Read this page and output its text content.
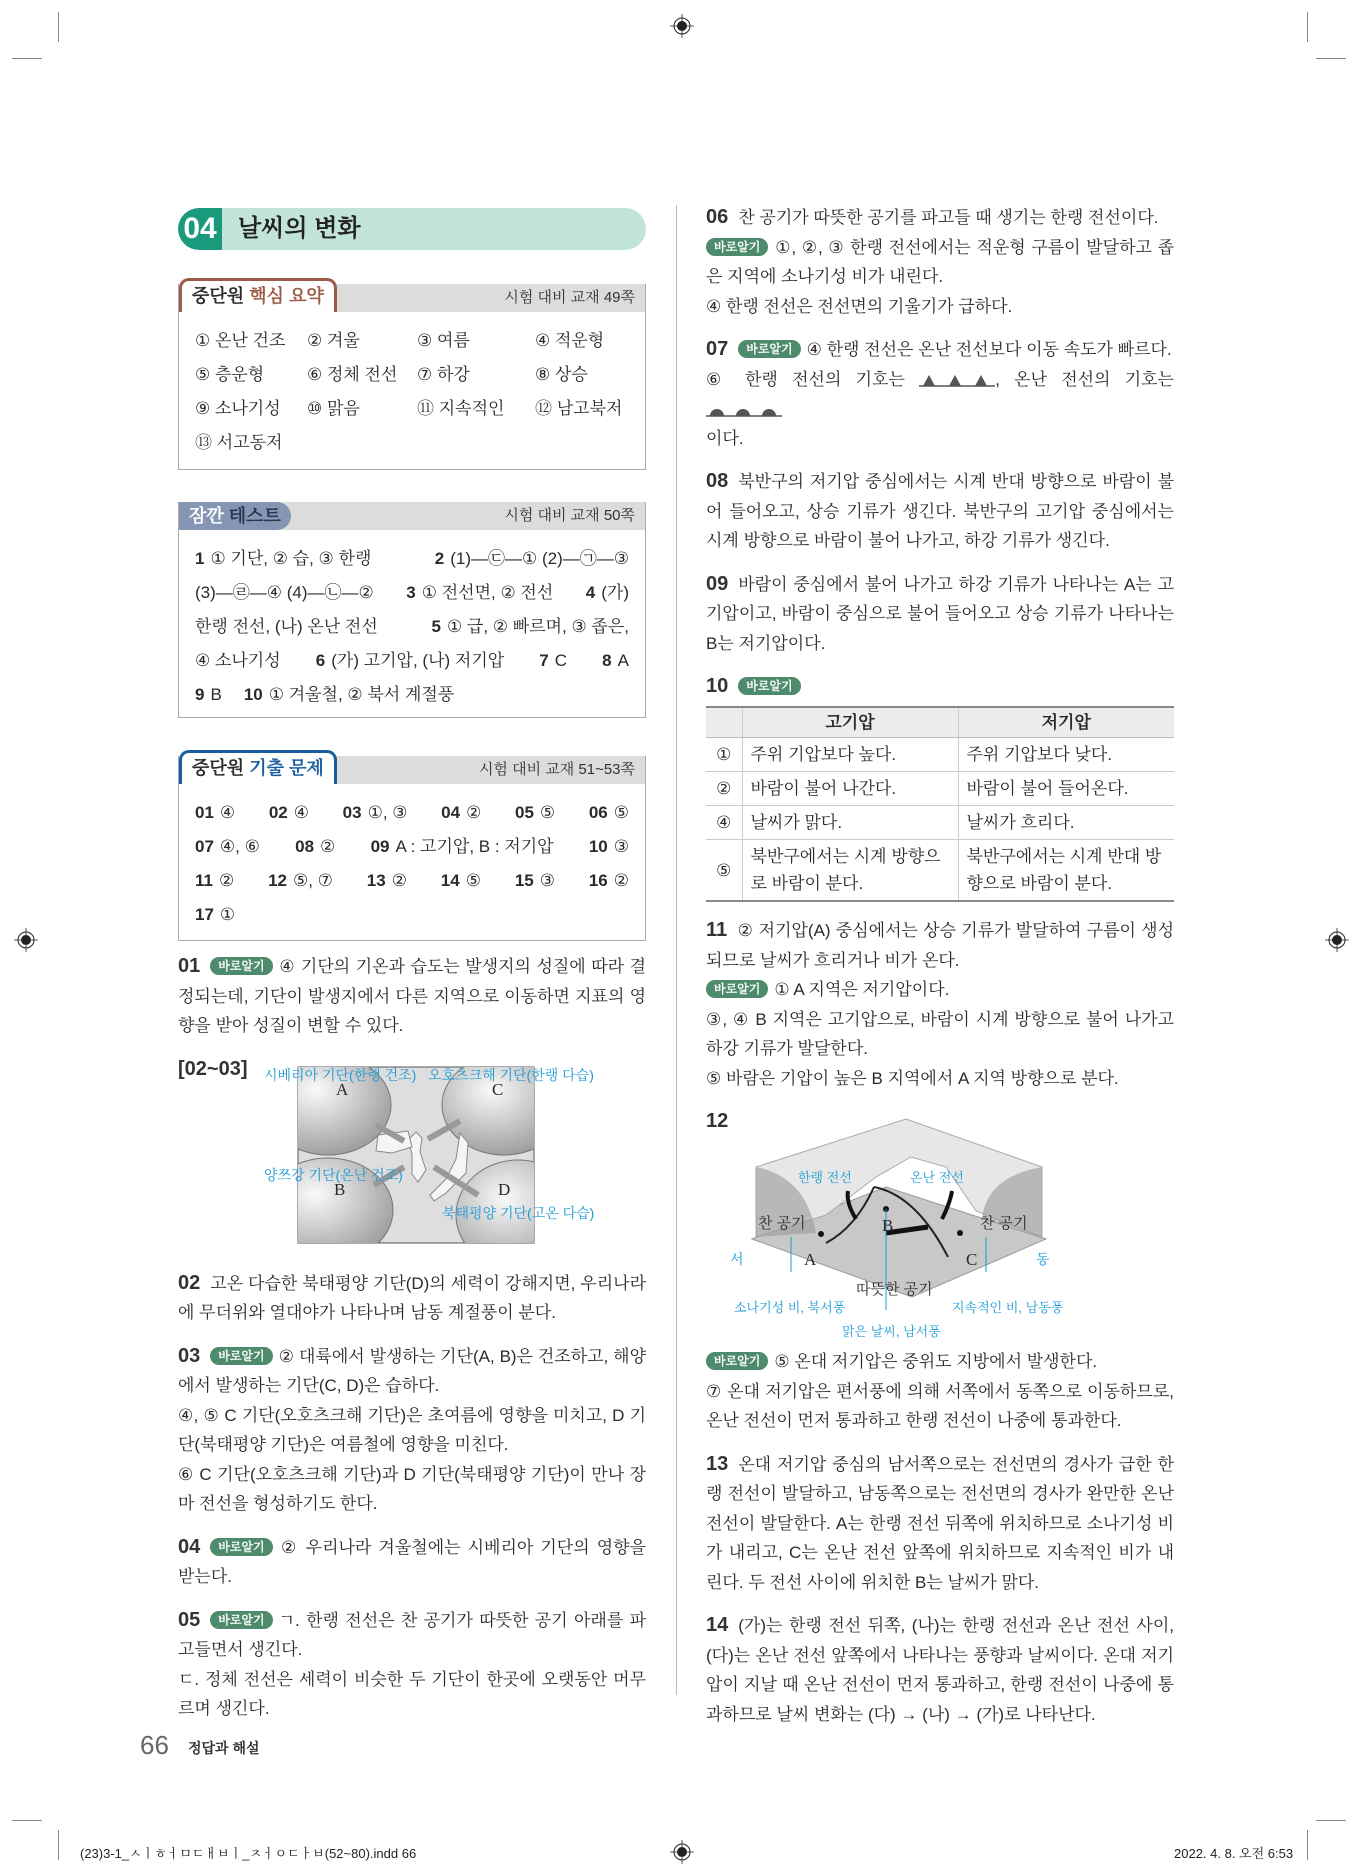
04 날씨의 변화
중단원 핵심 요약	시험 대비 교재 49쪽
① 온난 건조	② 겨울	③ 여름	④ 적운형
⑤ 층운형	⑥ 정체 전선	⑦ 하강	⑧ 상승
⑨ 소나기성	⑩ 맑음	⑪ 지속적인	⑫ 남고북저
⑬ 서고동저
잠깐 테스트	시험 대비 교재 50쪽
1 ① 기단, ② 습, ③ 한랭	2 (1)—㉢—① (2)—㉠—③
(3)—㉣—④ (4)—㉡—② 3 ① 전선면, ② 전선 4 (가)
한랭 전선, (나) 온난 전선	5 ① 급, ② 빠르며, ③ 좁은,
④ 소나기성 6 (가) 고기압, (나) 저기압 7 C 8 A
9 B 10 ① 겨울철, ② 북서 계절풍
중단원 기출 문제	시험 대비 교재 51~53쪽
01 ④ 02 ④ 03 ①, ③ 04 ② 05 ⑤ 06 ⑤
07 ④, ⑥ 08 ② 09 A : 고기압, B : 저기압 10 ③
11 ② 12 ⑤, ⑦ 13 ② 14 ⑤ 15 ③ 16 ②
17 ①

01 바로알기 ④ 기단의 기온과 습도는 발생지의 성질에 따라 결정되는데, 기단이 발생지에서 다른 지역으로 이동하면 지표의 영향을 받아 성질이 변할 수 있다.

[02~03] 시베리아 기단(한랭 건조) 오호츠크해 기단(한랭 다습)
양쯔강 기단(온난 건조)
북태평양 기단(고온 다습)
A	C
B	D

02 고온 다습한 북태평양 기단(D)의 세력이 강해지면, 우리나라에 무더위와 열대야가 나타나며 남동 계절풍이 분다.

03 바로알기 ② 대륙에서 발생하는 기단(A, B)은 건조하고, 해양에서 발생하는 기단(C, D)은 습하다.

④, ⑤ C 기단(오호츠크해 기단)은 초여름에 영향을 미치고, D 기단(북태평양 기단)은 여름철에 영향을 미친다.

⑥ C 기단(오호츠크해 기단)과 D 기단(북태평양 기단)이 만나 장마 전선을 형성하기도 한다.

04 바로알기 ② 우리나라 겨울철에는 시베리아 기단의 영향을 받는다.

05 바로알기 ㄱ. 한랭 전선은 찬 공기가 따뜻한 공기 아래를 파고들면서 생긴다.

ㄷ. 정체 전선은 세력이 비슷한 두 기단이 한곳에 오랫동안 머무르며 생긴다.

06 찬 공기가 따뜻한 공기를 파고들 때 생기는 한랭 전선이다.

바로알기 ①, ②, ③ 한랭 전선에서는 적운형 구름이 발달하고 좁은 지역에 소나기성 비가 내린다.

④ 한랭 전선은 전선면의 기울기가 급하다.

07 바로알기 ④ 한랭 전선은 온난 전선보다 이동 속도가 빠르다.

⑥ 한랭 전선의 기호는	, 온난 전선의 기호는

이다.

08 북반구의 저기압 중심에서는 시계 반대 방향으로 바람이 불어 들어오고, 상승 기류가 생긴다. 북반구의 고기압 중심에서는 시계 방향으로 바람이 불어 나가고, 하강 기류가 생긴다.

09 바람이 중심에서 불어 나가고 하강 기류가 나타나는 A는 고기압이고, 바람이 중심으로 불어 들어오고 상승 기류가 나타나는 B는 저기압이다.

10 바로알기

	고기압	저기압
①	주위 기압보다 높다.	주위 기압보다 낮다.
②	바람이 불어 나간다.	바람이 불어 들어온다.
④	날씨가 맑다.	날씨가 흐리다.
⑤	북반구에서는 시계 방향으로 바람이 분다.	북반구에서는 시계 반대 방향으로 바람이 분다.

11 ② 저기압(A) 중심에서는 상승 기류가 발달하여 구름이 생성되므로 날씨가 흐리거나 비가 온다.

바로알기 ① A 지역은 저기압이다.

③, ④ B 지역은 고기압으로, 바람이 시계 방향으로 불어 나가고 하강 기류가 발달한다.

⑤ 바람은 기압이 높은 B 지역에서 A 지역 방향으로 분다.

12
한랭 전선	온난 전선
찬 공기	찬 공기
따뜻한 공기
서	동
A
B
C
소나기성 비, 북서풍	지속적인 비, 남동풍
맑은 날씨, 남서풍

바로알기 ⑤ 온대 저기압은 중위도 지방에서 발생한다.

⑦ 온대 저기압은 편서풍에 의해 서쪽에서 동쪽으로 이동하므로, 온난 전선이 먼저 통과하고 한랭 전선이 나중에 통과한다.

13 온대 저기압 중심의 남서쪽으로는 전선면의 경사가 급한 한랭 전선이 발달하고, 남동쪽으로는 전선면의 경사가 완만한 온난 전선이 발달한다. A는 한랭 전선 뒤쪽에 위치하므로 소나기성 비가 내리고, C는 온난 전선 앞쪽에 위치하므로 지속적인 비가 내린다. 두 전선 사이에 위치한 B는 날씨가 맑다.

14 (가)는 한랭 전선 뒤쪽, (나)는 한랭 전선과 온난 전선 사이, (다)는 온난 전선 앞쪽에서 나타나는 풍향과 날씨이다. 온대 저기압이 지날 때 온난 전선이 먼저 통과하고, 한랭 전선이 나중에 통과하므로 날씨 변화는 (다) → (나) → (가)로 나타난다.

66 정답과 해설
(23)3-1_ㅅㅣㅎㅓㅁㄷㅐㅂㅣ_ㅈㅓㅇㄷㅏㅂ(52~80).indd 66	2022. 4. 8. 오전 6:53
